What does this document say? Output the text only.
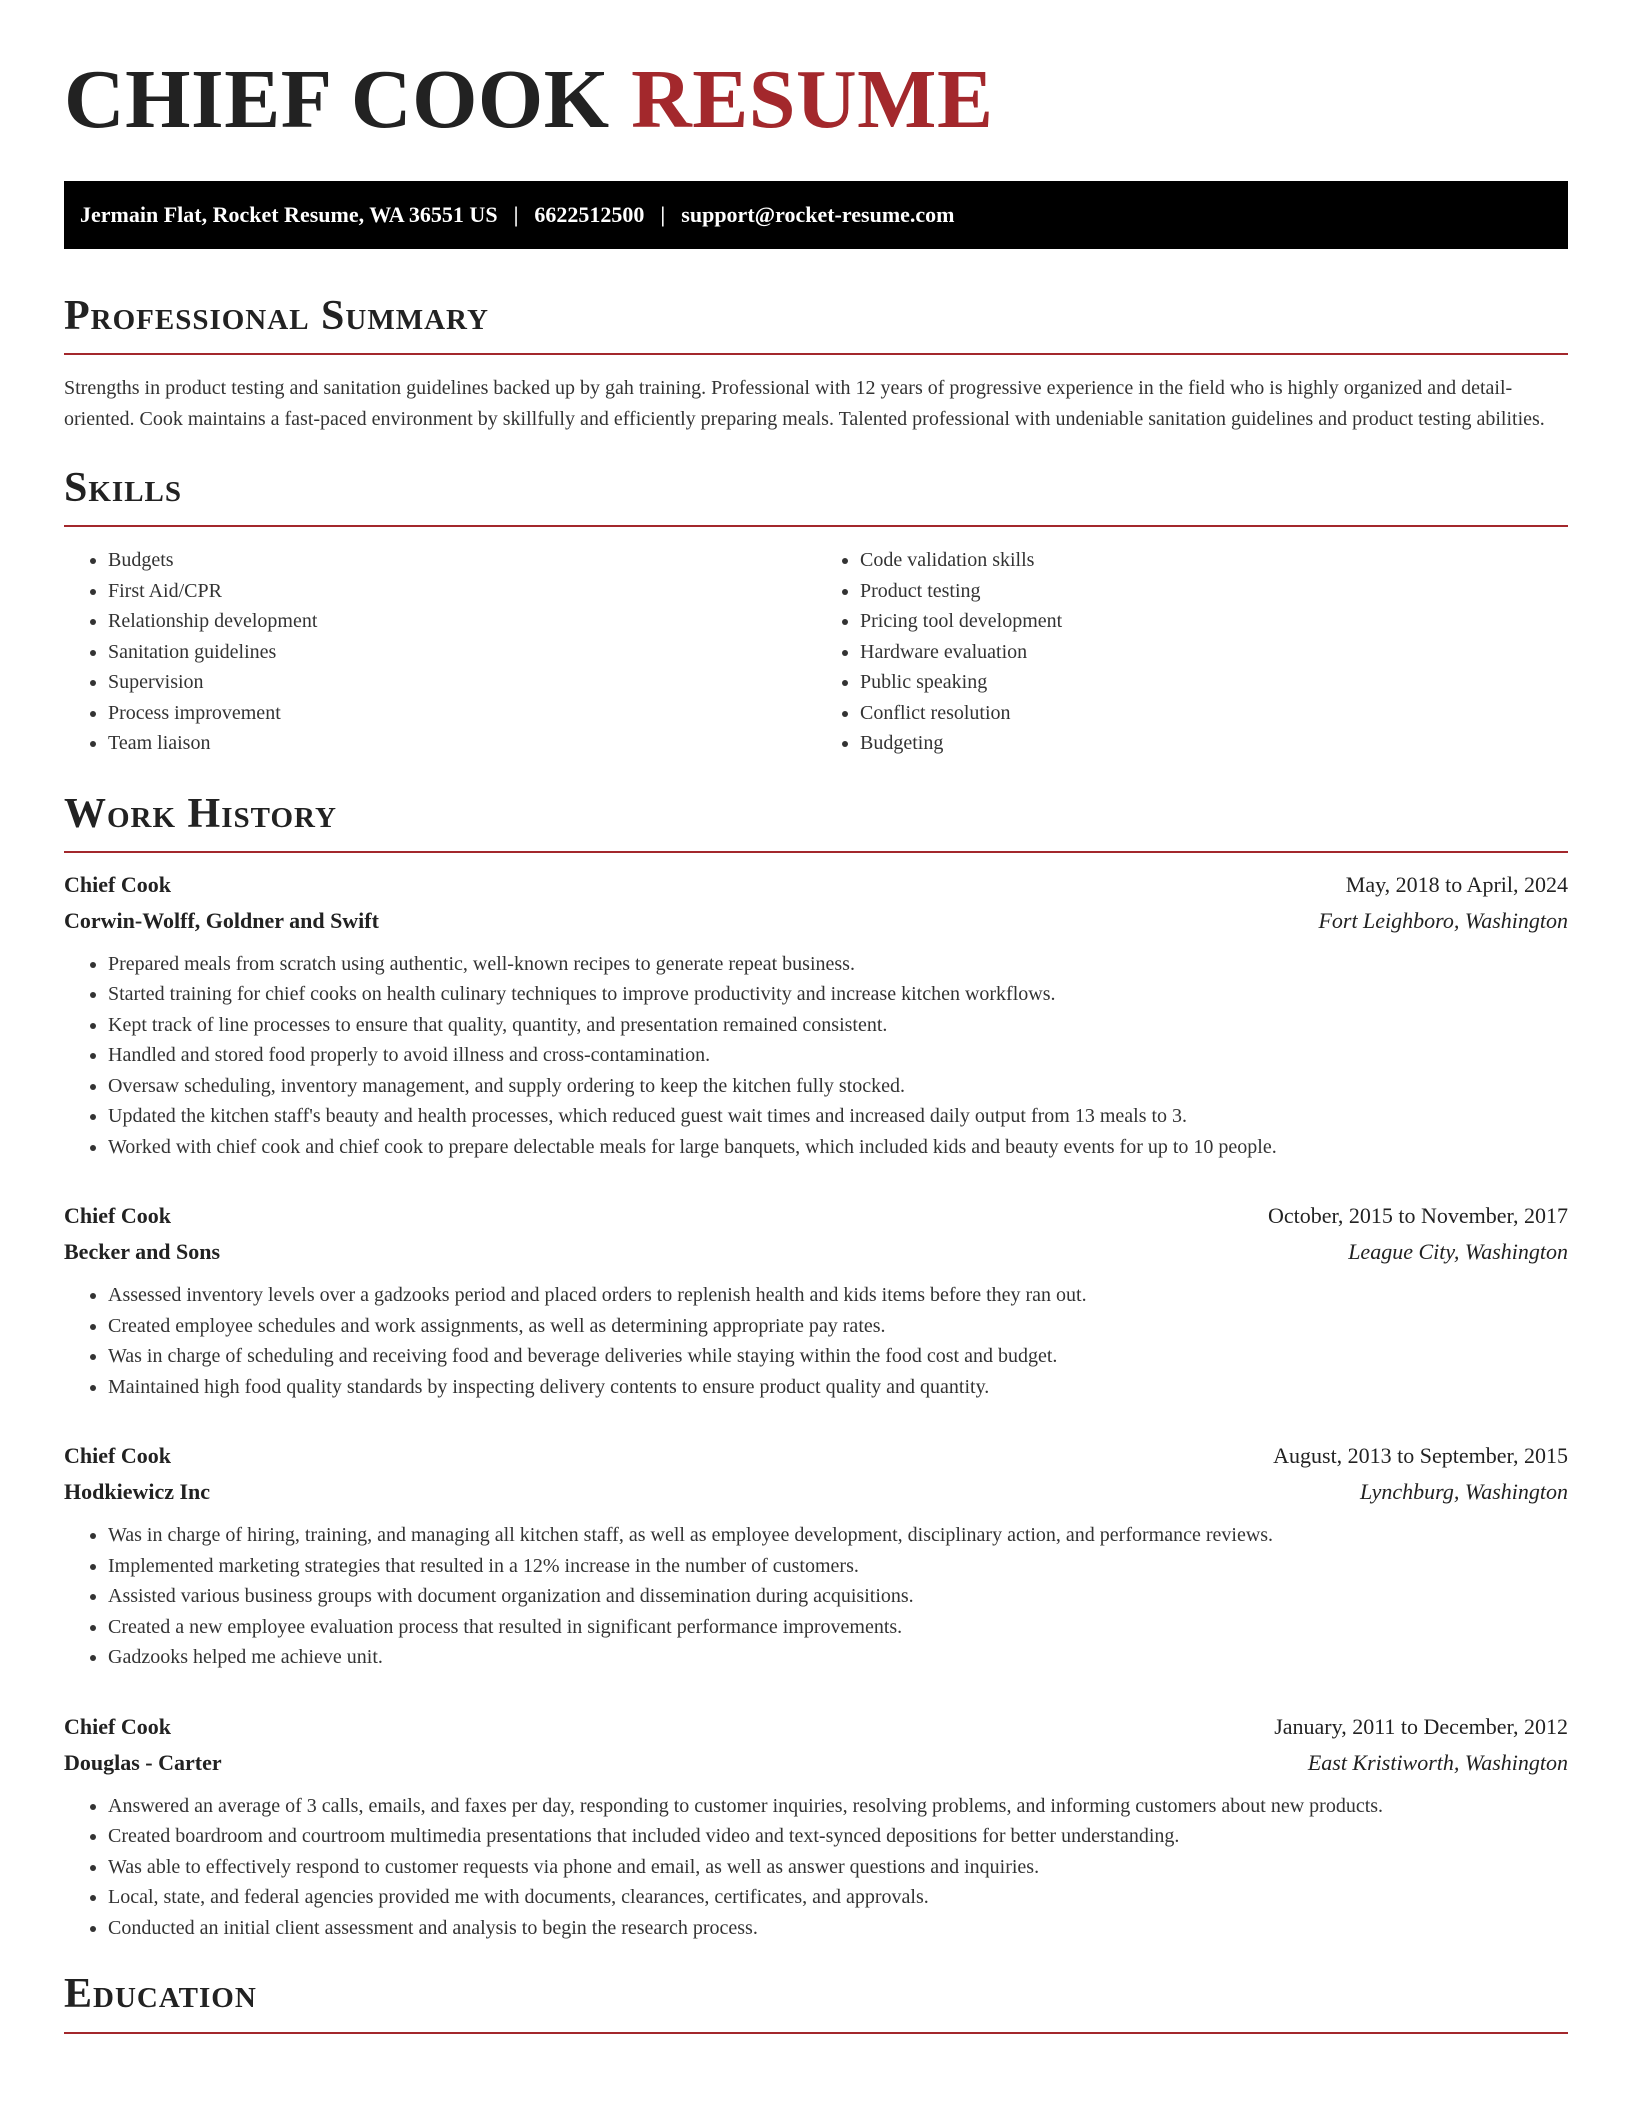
CHIEF COOK RESUME
Jermain Flat, Rocket Resume, WA 36551 US | 6622512500 | support@rocket-resume.com
Professional Summary

Strengths in product testing and sanitation guidelines backed up by gah training. Professional with 12 years of progressive experience in the field who is highly organized and detail-oriented. Cook maintains a fast-paced environment by skillfully and efficiently preparing meals. Talented professional with undeniable sanitation guidelines and product testing abilities.

Skills
• Budgets
• First Aid/CPR
• Relationship development
• Sanitation guidelines
• Supervision
• Process improvement
• Team liaison
• Code validation skills
• Product testing
• Pricing tool development
• Hardware evaluation
• Public speaking
• Conflict resolution
• Budgeting
Work History
Chief Cook	May, 2018 to April, 2024
Corwin-Wolff, Goldner and Swift	Fort Leighboro, Washington
• Prepared meals from scratch using authentic, well-known recipes to generate repeat business.
• Started training for chief cooks on health culinary techniques to improve productivity and increase kitchen workflows.
• Kept track of line processes to ensure that quality, quantity, and presentation remained consistent.
• Handled and stored food properly to avoid illness and cross-contamination.
• Oversaw scheduling, inventory management, and supply ordering to keep the kitchen fully stocked.
• Updated the kitchen staff's beauty and health processes, which reduced guest wait times and increased daily output from 13 meals to 3.
• Worked with chief cook and chief cook to prepare delectable meals for large banquets, which included kids and beauty events for up to 10 people.
Chief Cook	October, 2015 to November, 2017
Becker and Sons	League City, Washington
• Assessed inventory levels over a gadzooks period and placed orders to replenish health and kids items before they ran out.
• Created employee schedules and work assignments, as well as determining appropriate pay rates.
• Was in charge of scheduling and receiving food and beverage deliveries while staying within the food cost and budget.
• Maintained high food quality standards by inspecting delivery contents to ensure product quality and quantity.
Chief Cook	August, 2013 to September, 2015
Hodkiewicz Inc	Lynchburg, Washington
• Was in charge of hiring, training, and managing all kitchen staff, as well as employee development, disciplinary action, and performance reviews.
• Implemented marketing strategies that resulted in a 12% increase in the number of customers.
• Assisted various business groups with document organization and dissemination during acquisitions.
• Created a new employee evaluation process that resulted in significant performance improvements.
• Gadzooks helped me achieve unit.
Chief Cook	January, 2011 to December, 2012
Douglas - Carter	East Kristiworth, Washington
• Answered an average of 3 calls, emails, and faxes per day, responding to customer inquiries, resolving problems, and informing customers about new products.
• Created boardroom and courtroom multimedia presentations that included video and text-synced depositions for better understanding.
• Was able to effectively respond to customer requests via phone and email, as well as answer questions and inquiries.
• Local, state, and federal agencies provided me with documents, clearances, certificates, and approvals.
• Conducted an initial client assessment and analysis to begin the research process.
Education
